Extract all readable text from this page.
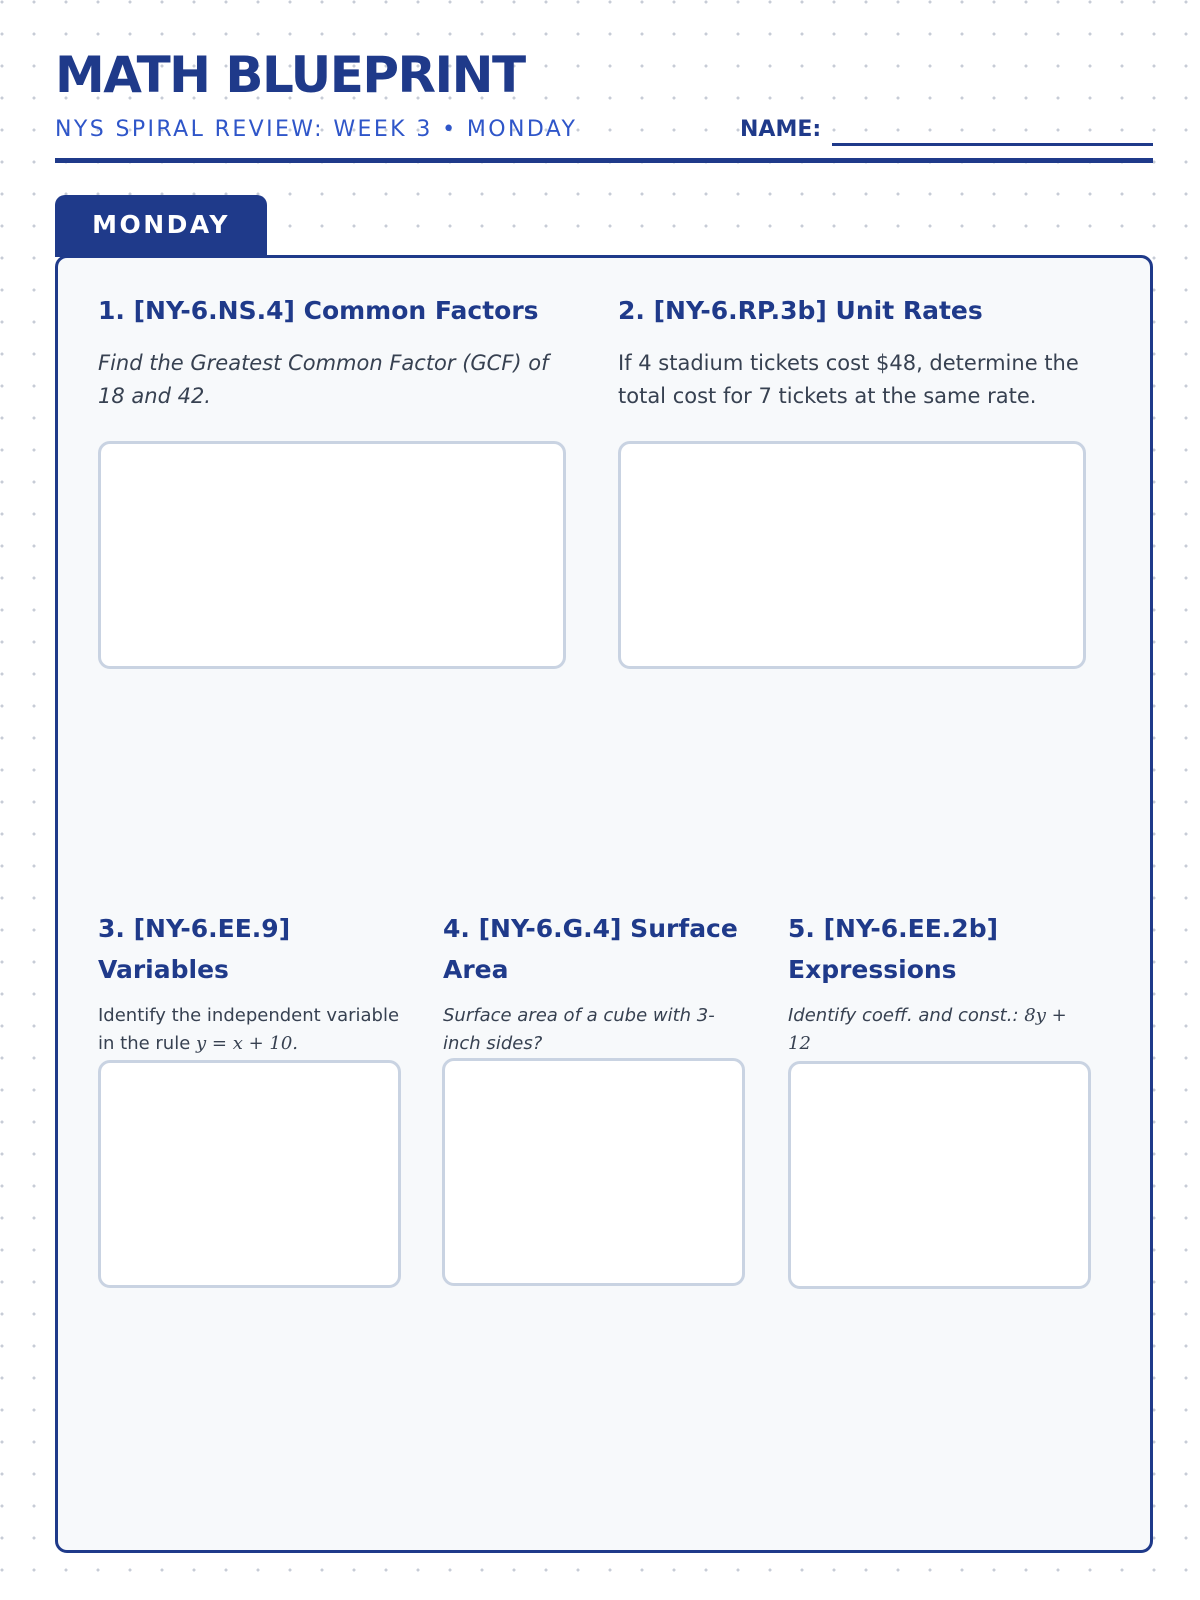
MATH BLUEPRINT
NYS SPIRAL REVIEW: WEEK 3 • MONDAY	NAME:
MONDAY

1. [NY-6.NS.4] Common Factors

Find the Greatest Common Factor (GCF) of 18 and 42.

2. [NY-6.RP.3b] Unit Rates

If 4 stadium tickets cost $48, determine the total cost for 7 tickets at the same rate.

3. [NY-6.EE.9] Variables

Identify the independent variable in the rule y = x + 10.

4. [NY-6.G.4] Surface Area

Surface area of a cube with 3-inch sides?

5. [NY-6.EE.2b] Expressions

Identify coeff. and const.: 8y + 12
